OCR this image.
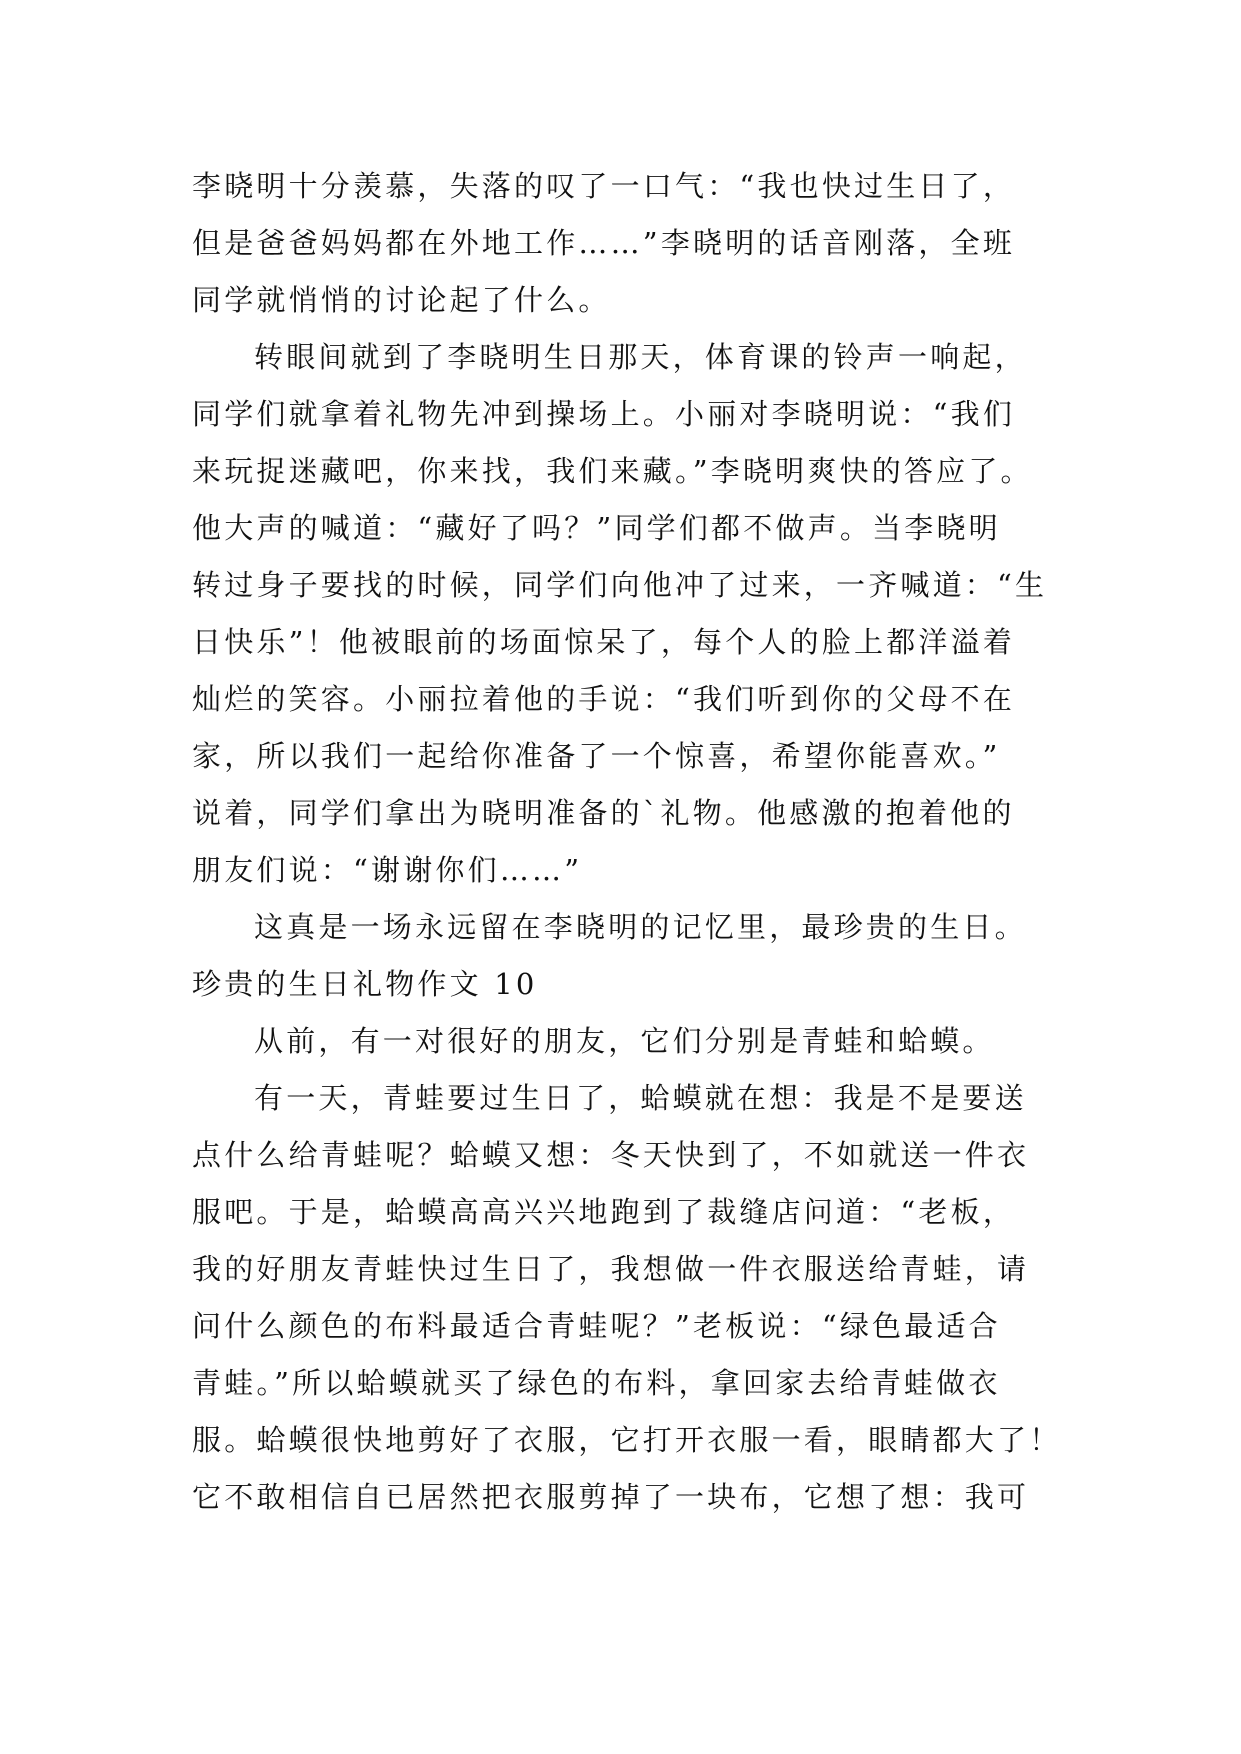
李晓明十分羡慕，失落的叹了一口气：“我也快过生日了，
但是爸爸妈妈都在外地工作……”李晓明的话音刚落，全班
同学就悄悄的讨论起了什么。
转眼间就到了李晓明生日那天，体育课的铃声一响起，
同学们就拿着礼物先冲到操场上。小丽对李晓明说：“我们
来玩捉迷藏吧，你来找，我们来藏。”李晓明爽快的答应了。
他大声的喊道：“藏好了吗？”同学们都不做声。当李晓明
转过身子要找的时候，同学们向他冲了过来，一齐喊道：“生
日快乐”！他被眼前的场面惊呆了，每个人的脸上都洋溢着
灿烂的笑容。小丽拉着他的手说：“我们听到你的父母不在
家，所以我们一起给你准备了一个惊喜，希望你能喜欢。”
说着，同学们拿出为晓明准备的`礼物。他感激的抱着他的
朋友们说：“谢谢你们……”
这真是一场永远留在李晓明的记忆里，最珍贵的生日。
珍贵的生日礼物作文 10
从前，有一对很好的朋友，它们分别是青蛙和蛤蟆。
有一天，青蛙要过生日了，蛤蟆就在想：我是不是要送
点什么给青蛙呢？蛤蟆又想：冬天快到了，不如就送一件衣
服吧。于是，蛤蟆高高兴兴地跑到了裁缝店问道：“老板，
我的好朋友青蛙快过生日了，我想做一件衣服送给青蛙，请
问什么颜色的布料最适合青蛙呢？”老板说：“绿色最适合
青蛙。”所以蛤蟆就买了绿色的布料，拿回家去给青蛙做衣
服。蛤蟆很快地剪好了衣服，它打开衣服一看，眼睛都大了！
它不敢相信自已居然把衣服剪掉了一块布，它想了想：我可
